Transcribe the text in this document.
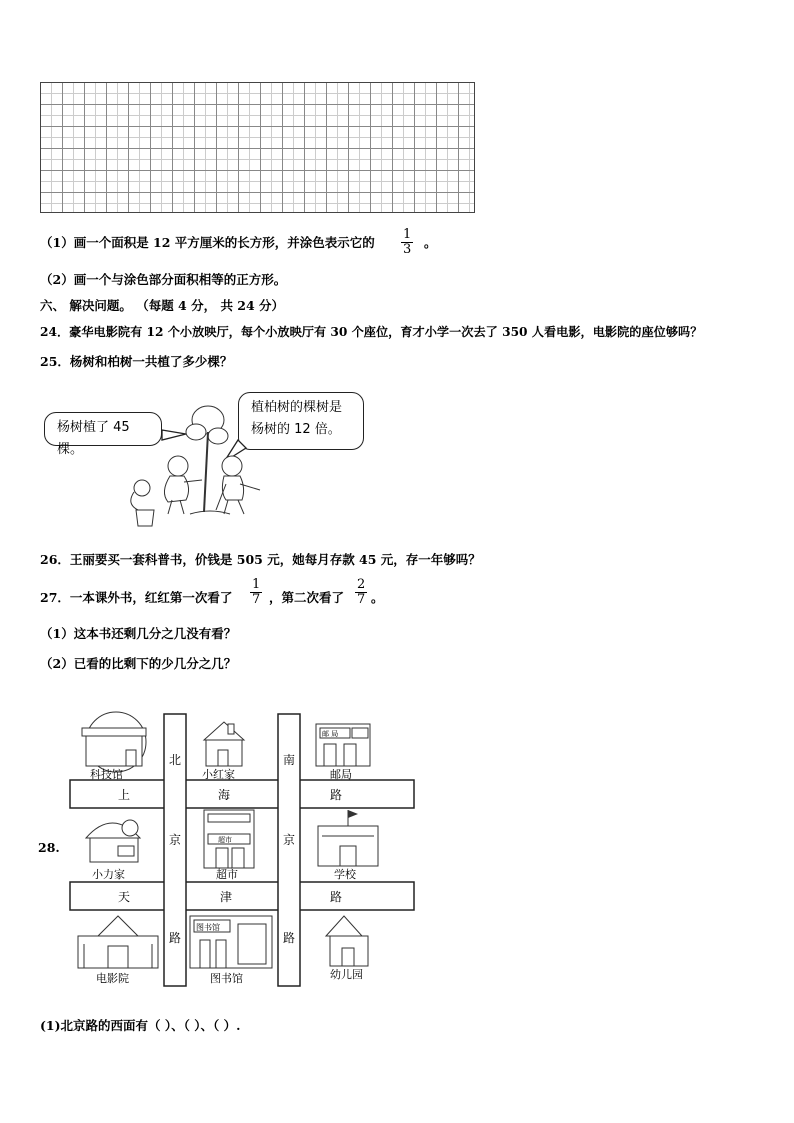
（1）画一个面积是 12 平方厘米的长方形，并涂色表示它的
1
3 。
（2）画一个与涂色部分面积相等的正方形。
六、 解决问题。 （每题 4 分， 共 24 分）
24．豪华电影院有 12 个小放映厅，每个小放映厅有 30 个座位，育才小学一次去了 350 人看电影，电影院的座位够吗？
25．杨树和柏树一共植了多少棵？
杨树植了 45 棵。
植柏树的棵树是
杨树的 12 倍。
26．王丽要买一套科普书，价钱是 505 元，她每月存款 45 元，存一年够吗？
27．一本课外书，红红第一次看了
1
7 ，第二次看了
2
7 。
（1）这本书还剩几分之几没有看？
（2）已看的比剩下的少几分之几？
28.
上	海	路
天	津	路
北
京
路
南
京
路
邮 局
超市
图书馆
科技馆	小红家	邮局
小力家	超市	学校
电影院	图书馆	幼儿园
(1)北京路的西面有（ ）、（ ）、（ ）.
